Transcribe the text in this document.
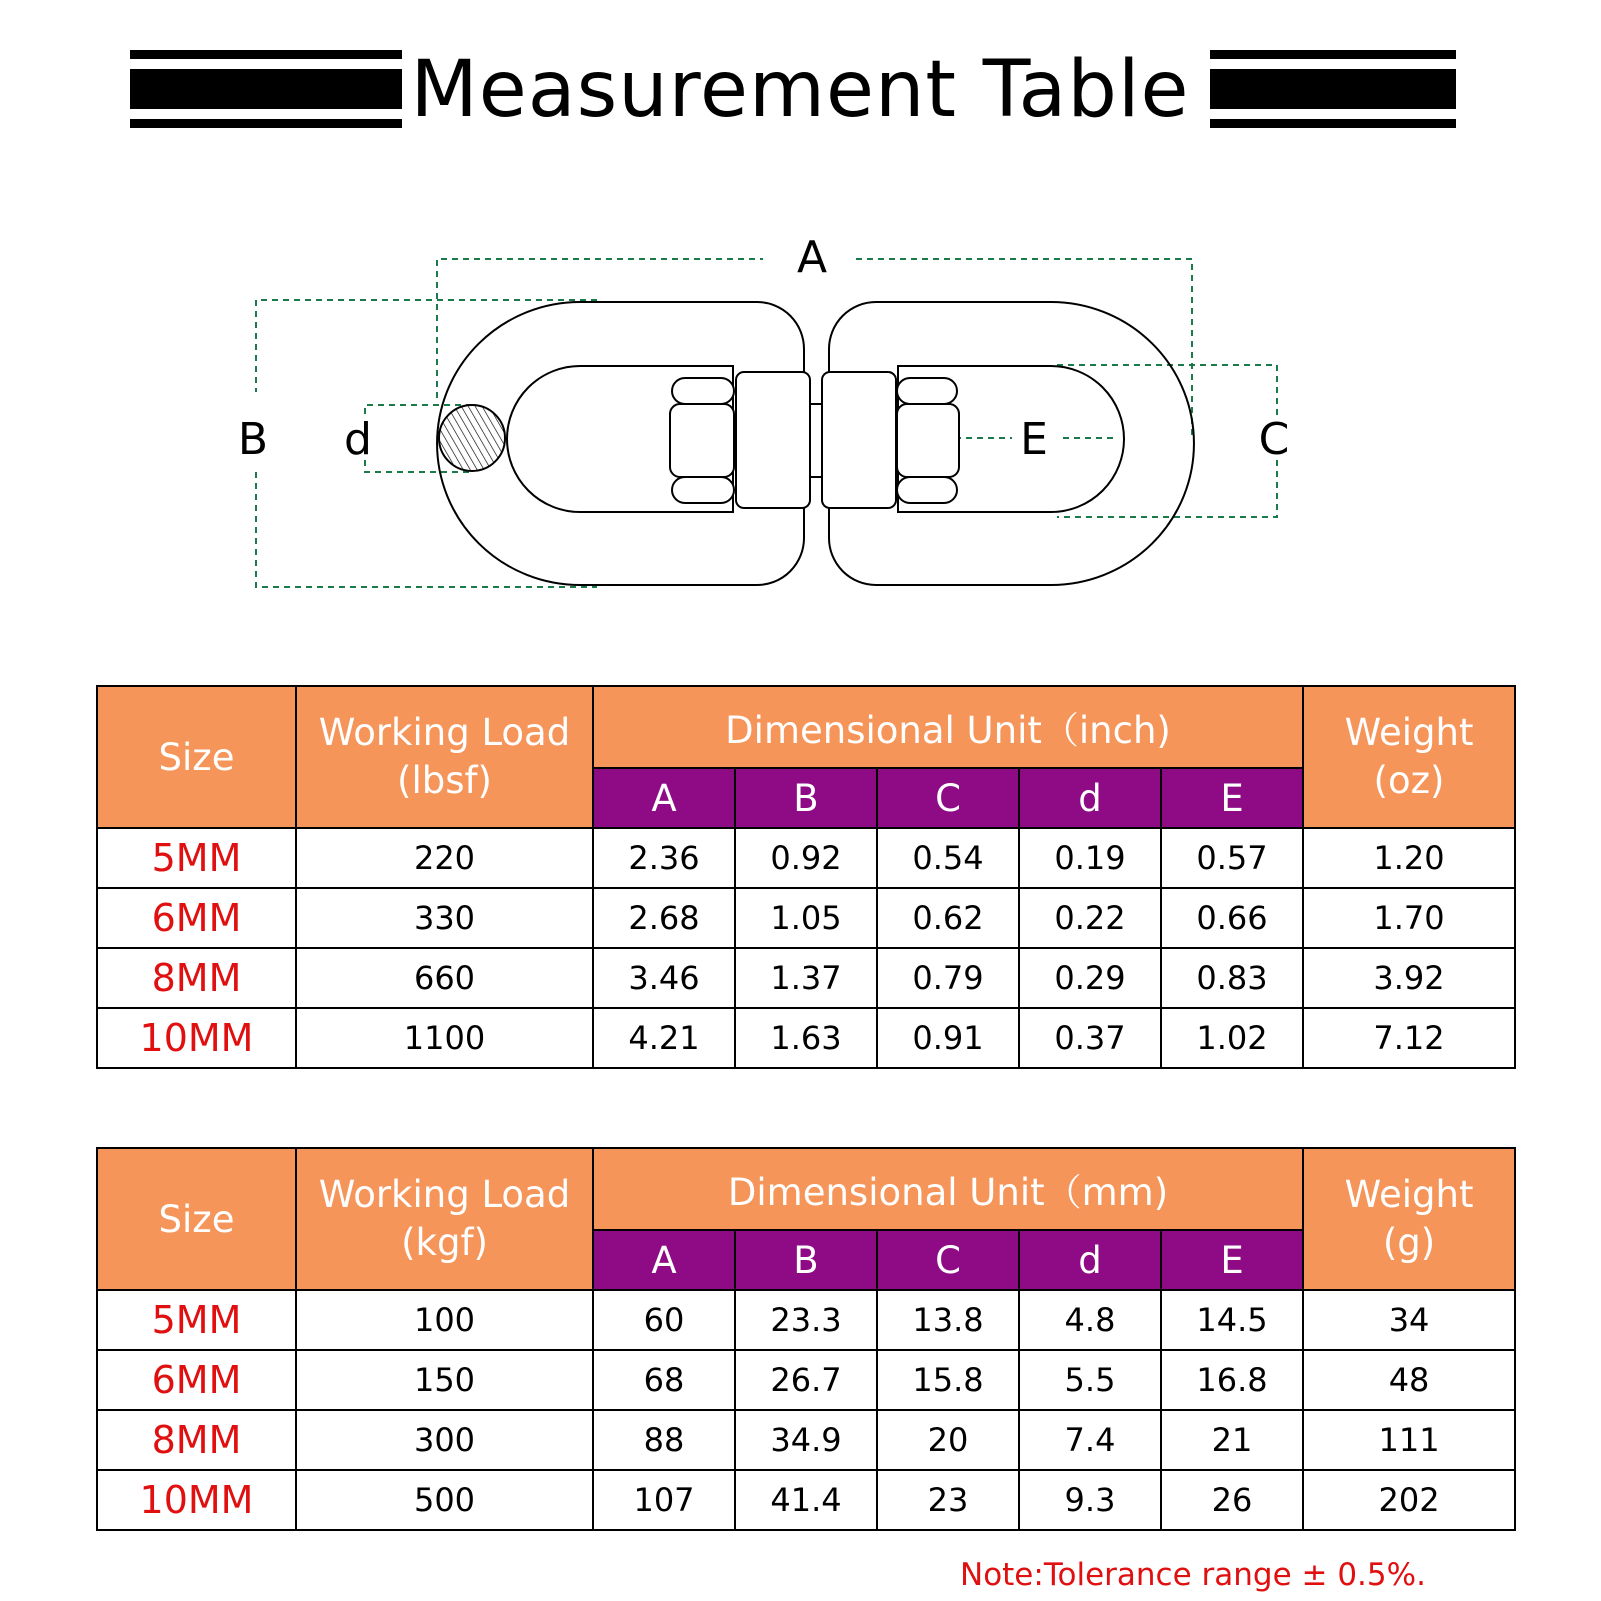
Measurement Table
A
B d	E	C
Size	Working Load
(lbsf)	Dimensional Unit（inch)					Weight
(oz)

		A	B	C	d	E	
5MM	220	2.36	0.92	0.54	0.19	0.57	1.20
6MM	330	2.68	1.05	0.62	0.22	0.66	1.70
8MM	660	3.46	1.37	0.79	0.29	0.83	3.92
10MM	1100	4.21	1.63	0.91	0.37	1.02	7.12
Size	Working Load
(kgf)	Dimensional Unit（mm)					Weight
(g)

		A	B	C	d	E	
5MM	100	60	23.3	13.8	4.8	14.5	34
6MM	150	68	26.7	15.8	5.5	16.8	48
8MM	300	88	34.9	20	7.4	21	111
10MM	500	107	41.4	23	9.3	26	202
Note:Tolerance range ± 0.5%.
